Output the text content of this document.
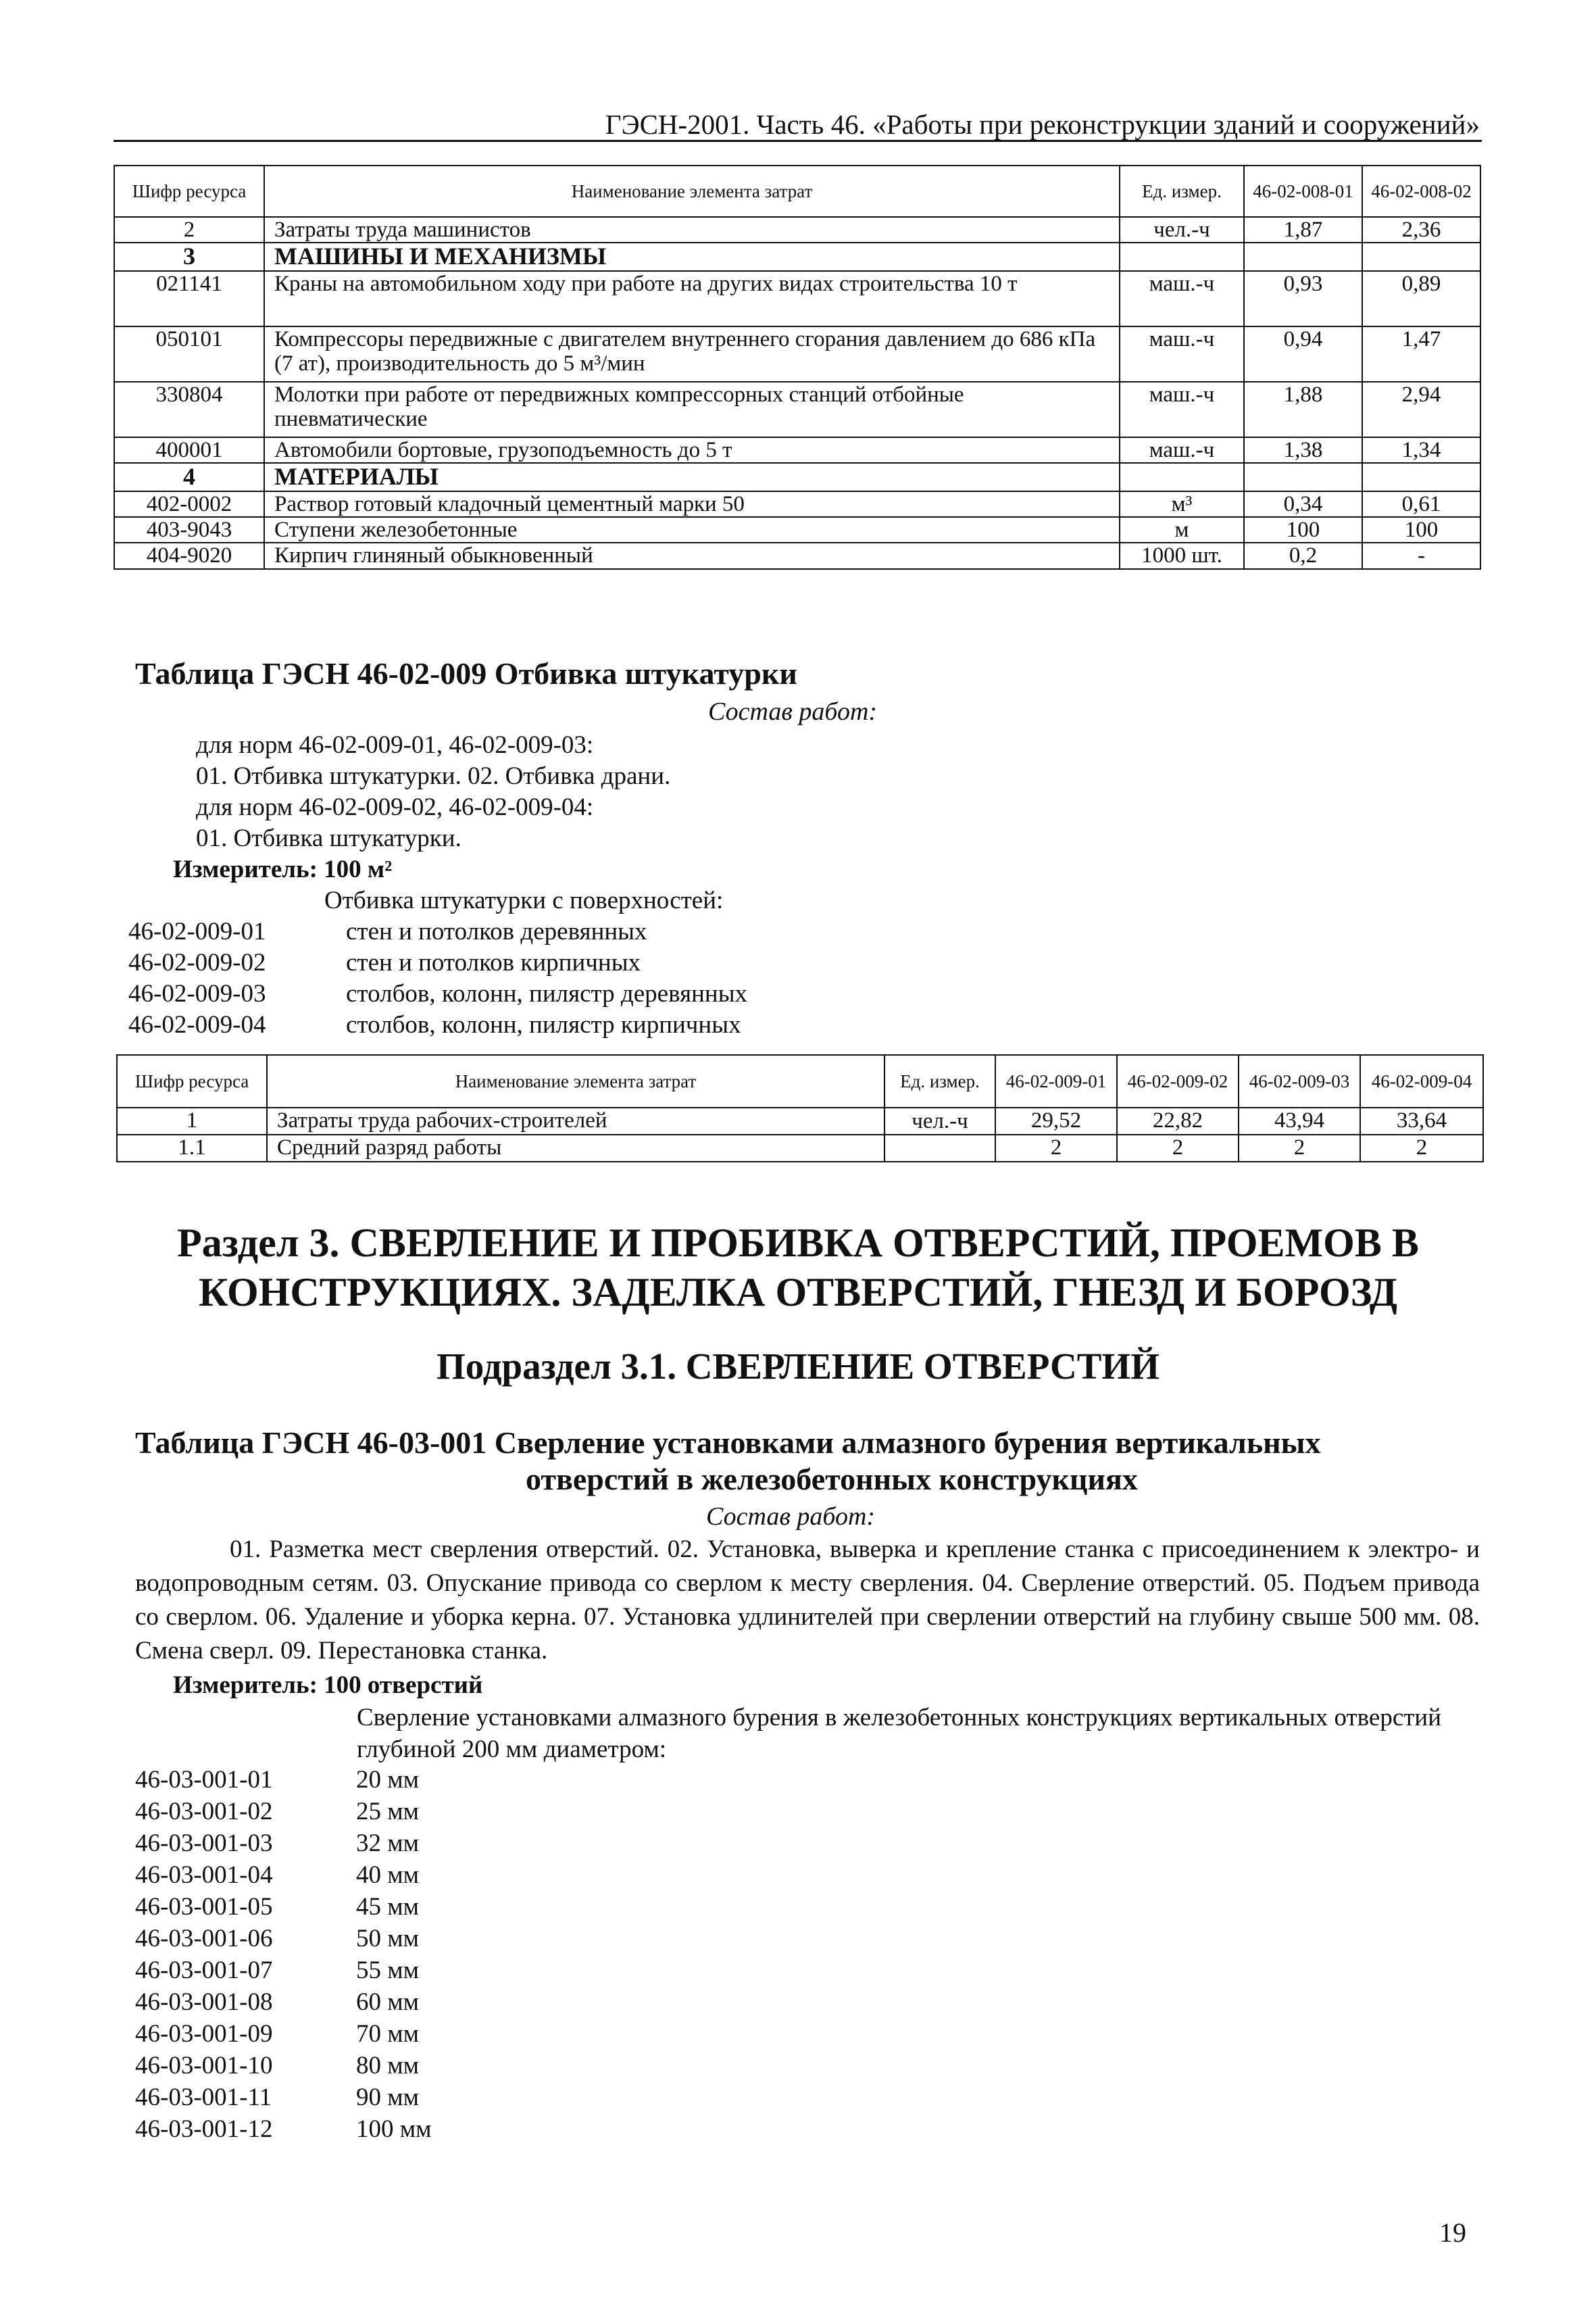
ГЭСН-2001. Часть 46. «Работы при реконструкции зданий и сооружений»
Шифр ресурса	Наименование элемента затрат	Ед. измер.	46-02-008-01	46-02-008-02
2	Затраты труда машинистов	чел.-ч	1,87	2,36
3	МАШИНЫ И МЕХАНИЗМЫ			
021141	Краны на автомобильном ходу при работе на других видах строительства 10 т	маш.-ч	0,93	0,89
050101	Компрессоры передвижные с двигателем внутреннего сгорания давлением до 686 кПа (7 ат), производительность до 5 м³/мин	маш.-ч	0,94	1,47
330804	Молотки при работе от передвижных компрессорных станций отбойные пневматические	маш.-ч	1,88	2,94
400001	Автомобили бортовые, грузоподъемность до 5 т	маш.-ч	1,38	1,34
4	МАТЕРИАЛЫ			
402-0002	Раствор готовый кладочный цементный марки 50	м³	0,34	0,61
403-9043	Ступени железобетонные	м	100	100
404-9020	Кирпич глиняный обыкновенный	1000 шт.	0,2	-
Таблица ГЭСН 46-02-009 Отбивка штукатурки
Состав работ:
для норм 46-02-009-01, 46-02-009-03:
01. Отбивка штукатурки. 02. Отбивка драни.
для норм 46-02-009-02, 46-02-009-04:
01. Отбивка штукатурки.
Измеритель: 100 м²
Отбивка штукатурки с поверхностей:
46-02-009-01	стен и потолков деревянных
46-02-009-02	стен и потолков кирпичных
46-02-009-03	столбов, колонн, пилястр деревянных
46-02-009-04	столбов, колонн, пилястр кирпичных
Шифр ресурса	Наименование элемента затрат	Ед. измер.	46-02-009-01	46-02-009-02	46-02-009-03	46-02-009-04
1	Затраты труда рабочих-строителей	чел.-ч	29,52	22,82	43,94	33,64
1.1	Средний разряд работы		2	2	2	2
Раздел 3. СВЕРЛЕНИЕ И ПРОБИВКА ОТВЕРСТИЙ, ПРОЕМОВ В
КОНСТРУКЦИЯХ. ЗАДЕЛКА ОТВЕРСТИЙ, ГНЕЗД И БОРОЗД
Подраздел 3.1. СВЕРЛЕНИЕ ОТВЕРСТИЙ
Таблица ГЭСН 46-03-001 Сверление установками алмазного бурения вертикальных
отверстий в железобетонных конструкциях
Состав работ:
01. Разметка мест сверления отверстий. 02. Установка, выверка и крепление станка с присоединением к электро- и водопроводным сетям. 03. Опускание привода со сверлом к месту сверления. 04. Сверление отверстий. 05. Подъем привода со сверлом. 06. Удаление и уборка керна. 07. Установка удлинителей при сверлении отверстий на глубину свыше 500 мм. 08. Смена сверл. 09. Перестановка станка.
Измеритель: 100 отверстий
Сверление установками алмазного бурения в железобетонных конструкциях вертикальных отверстий глубиной 200 мм диаметром:
46-03-001-01	20 мм
46-03-001-02	25 мм
46-03-001-03	32 мм
46-03-001-04	40 мм
46-03-001-05	45 мм
46-03-001-06	50 мм
46-03-001-07	55 мм
46-03-001-08	60 мм
46-03-001-09	70 мм
46-03-001-10	80 мм
46-03-001-11	90 мм
46-03-001-12	100 мм
19
